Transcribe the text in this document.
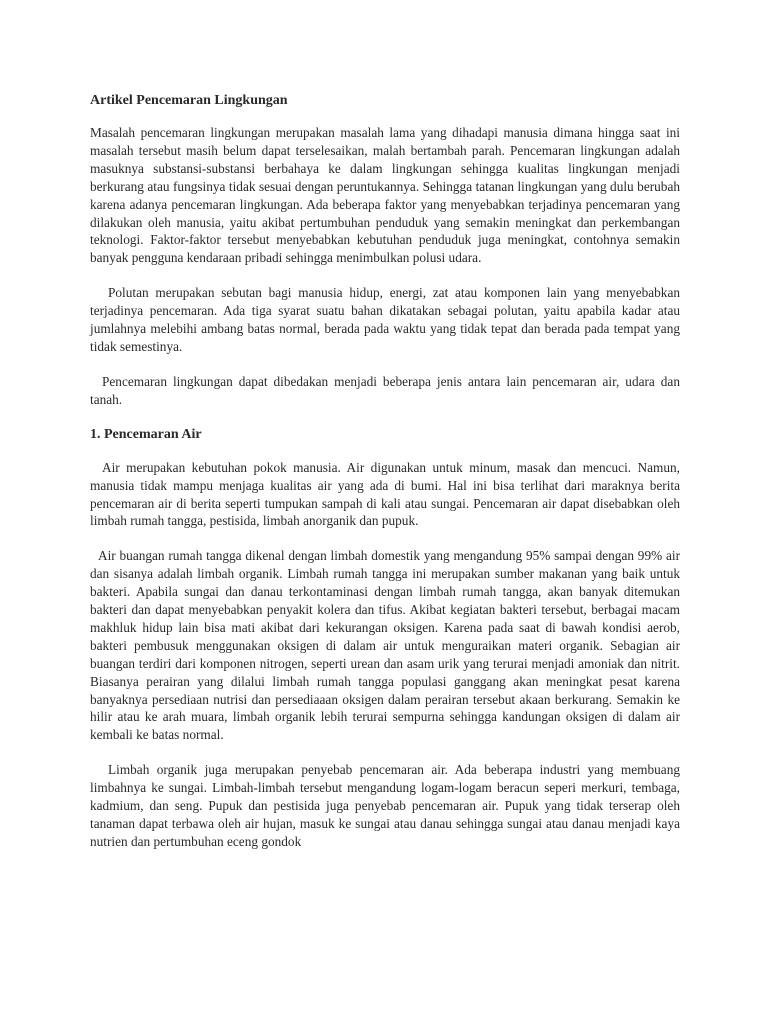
Artikel Pencemaran Lingkungan

Masalah pencemaran lingkungan merupakan masalah lama yang dihadapi manusia dimana hingga saat ini masalah tersebut masih belum dapat terselesaikan, malah bertambah parah. Pencemaran lingkungan adalah masuknya substansi-substansi berbahaya ke dalam lingkungan sehingga kualitas lingkungan menjadi berkurang atau fungsinya tidak sesuai dengan peruntukannya. Sehingga tatanan lingkungan yang dulu berubah karena adanya pencemaran lingkungan. Ada beberapa faktor yang menyebabkan terjadinya pencemaran yang dilakukan oleh manusia, yaitu akibat pertumbuhan penduduk yang semakin meningkat dan perkembangan teknologi. Faktor-faktor tersebut menyebabkan kebutuhan penduduk juga meningkat, contohnya semakin banyak pengguna kendaraan pribadi sehingga menimbulkan polusi udara.

Polutan merupakan sebutan bagi manusia hidup, energi, zat atau komponen lain yang menyebabkan terjadinya pencemaran. Ada tiga syarat suatu bahan dikatakan sebagai polutan, yaitu apabila kadar atau jumlahnya melebihi ambang batas normal, berada pada waktu yang tidak tepat dan berada pada tempat yang tidak semestinya.

Pencemaran lingkungan dapat dibedakan menjadi beberapa jenis antara lain pencemaran air, udara dan tanah.

1. Pencemaran Air

Air merupakan kebutuhan pokok manusia. Air digunakan untuk minum, masak dan mencuci. Namun, manusia tidak mampu menjaga kualitas air yang ada di bumi. Hal ini bisa terlihat dari maraknya berita pencemaran air di berita seperti tumpukan sampah di kali atau sungai. Pencemaran air dapat disebabkan oleh limbah rumah tangga, pestisida, limbah anorganik dan pupuk.

Air buangan rumah tangga dikenal dengan limbah domestik yang mengandung 95% sampai dengan 99% air dan sisanya adalah limbah organik. Limbah rumah tangga ini merupakan sumber makanan yang baik untuk bakteri. Apabila sungai dan danau terkontaminasi dengan limbah rumah tangga, akan banyak ditemukan bakteri dan dapat menyebabkan penyakit kolera dan tifus. Akibat kegiatan bakteri tersebut, berbagai macam makhluk hidup lain bisa mati akibat dari kekurangan oksigen. Karena pada saat di bawah kondisi aerob, bakteri pembusuk menggunakan oksigen di dalam air untuk menguraikan materi organik. Sebagian air buangan terdiri dari komponen nitrogen, seperti urean dan asam urik yang terurai menjadi amoniak dan nitrit. Biasanya perairan yang dilalui limbah rumah tangga populasi ganggang akan meningkat pesat karena banyaknya persediaan nutrisi dan persediaaan oksigen dalam perairan tersebut akaan berkurang. Semakin ke hilir atau ke arah muara, limbah organik lebih terurai sempurna sehingga kandungan oksigen di dalam air kembali ke batas normal.

Limbah organik juga merupakan penyebab pencemaran air. Ada beberapa industri yang membuang limbahnya ke sungai. Limbah-limbah tersebut mengandung logam-logam beracun seperi merkuri, tembaga, kadmium, dan seng. Pupuk dan pestisida juga penyebab pencemaran air. Pupuk yang tidak terserap oleh tanaman dapat terbawa oleh air hujan, masuk ke sungai atau danau sehingga sungai atau danau menjadi kaya nutrien dan pertumbuhan eceng gondok
